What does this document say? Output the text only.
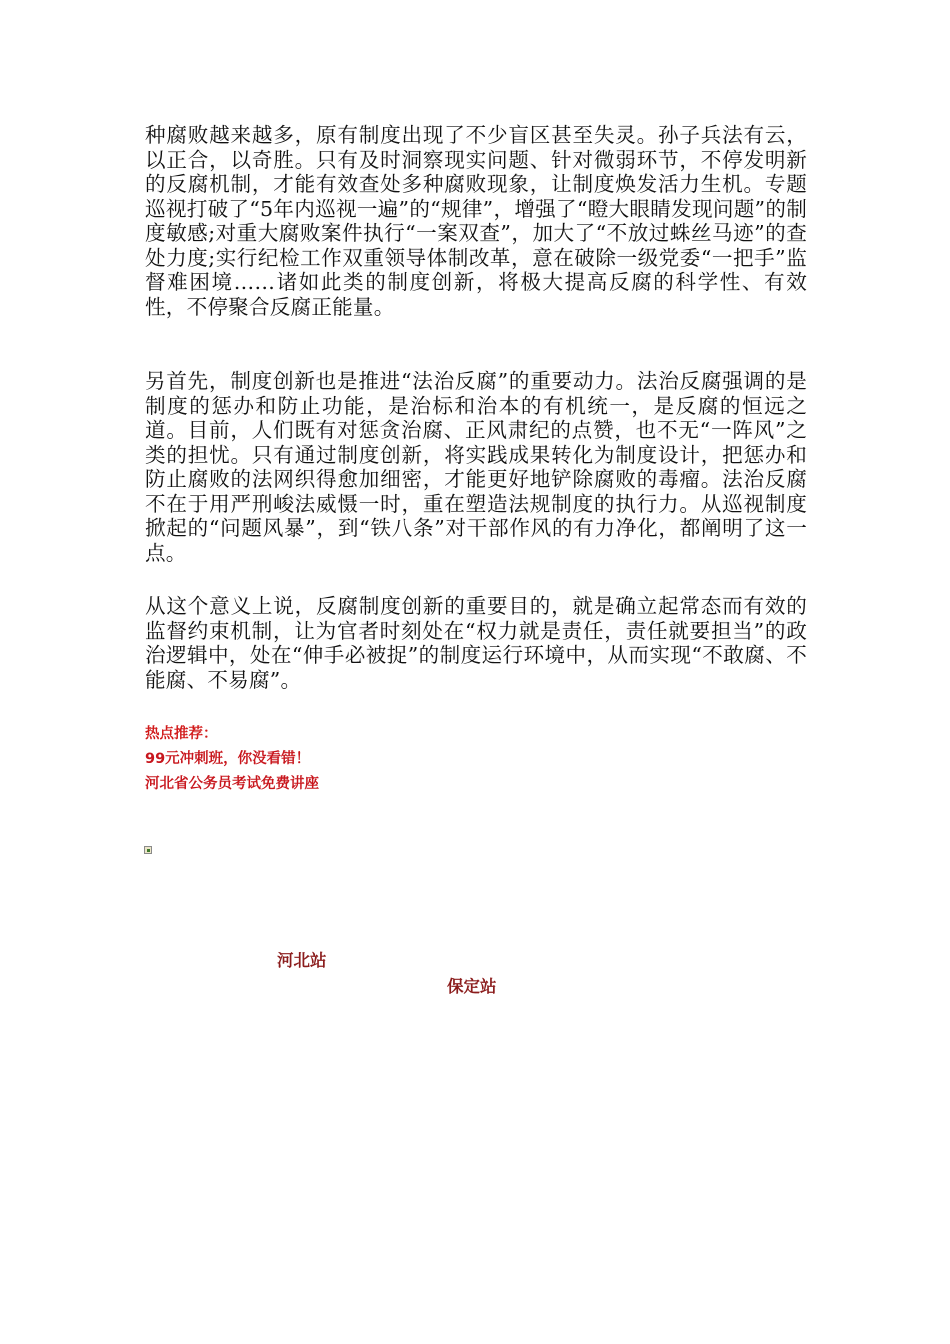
种腐败越来越多，原有制度出现了不少盲区甚至失灵。孙子兵法有云，以正合，以奇胜。只有及时洞察现实问题、针对微弱环节，不停发明新的反腐机制，才能有效查处多种腐败现象，让制度焕发活力生机。专题巡视打破了“5年内巡视一遍”的“规律”，增强了“瞪大眼睛发现问题”的制度敏感;对重大腐败案件执行“一案双查”，加大了“不放过蛛丝马迹”的查处力度;实行纪检工作双重领导体制改革，意在破除一级党委“一把手”监督难困境……诸如此类的制度创新，将极大提高反腐的科学性、有效性，不停聚合反腐正能量。

另首先，制度创新也是推进“法治反腐”的重要动力。法治反腐强调的是制度的惩办和防止功能，是治标和治本的有机统一，是反腐的恒远之道。目前，人们既有对惩贪治腐、正风肃纪的点赞，也不无“一阵风”之类的担忧。只有通过制度创新，将实践成果转化为制度设计，把惩办和防止腐败的法网织得愈加细密，才能更好地铲除腐败的毒瘤。法治反腐不在于用严刑峻法威慑一时，重在塑造法规制度的执行力。从巡视制度掀起的“问题风暴”，到“铁八条”对干部作风的有力净化，都阐明了这一点。

从这个意义上说，反腐制度创新的重要目的，就是确立起常态而有效的监督约束机制，让为官者时刻处在“权力就是责任，责任就要担当”的政治逻辑中，处在“伸手必被捉”的制度运行环境中，从而实现“不敢腐、不能腐、不易腐”。

热点推荐：
99元冲刺班，你没看错！
河北省公务员考试免费讲座
河北站
保定站
